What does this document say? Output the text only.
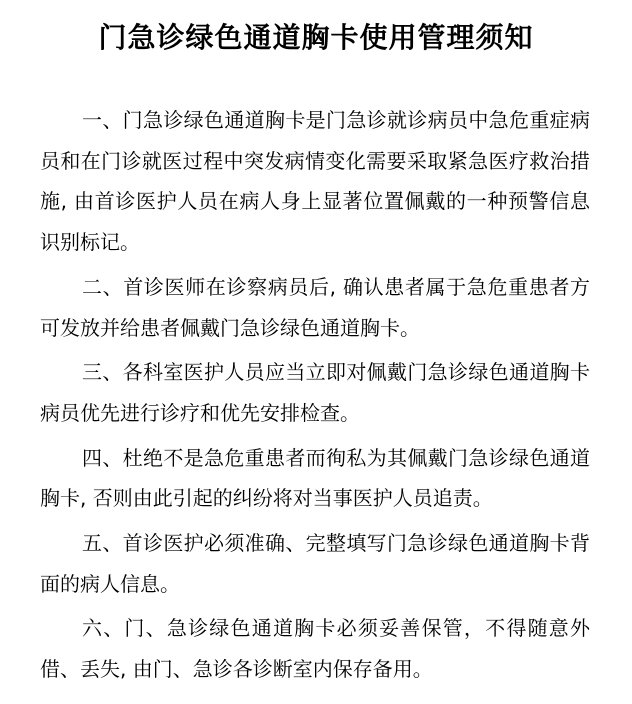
门急诊绿色通道胸卡使用管理须知

一、门急诊绿色通道胸卡是门急诊就诊病员中急危重症病员和在门诊就医过程中突发病情变化需要采取紧急医疗救治措施, 由首诊医护人员在病人身上显著位置佩戴的一种预警信息识别标记。

二、首诊医师在诊察病员后, 确认患者属于急危重患者方可发放并给患者佩戴门急诊绿色通道胸卡。

三、各科室医护人员应当立即对佩戴门急诊绿色通道胸卡病员优先进行诊疗和优先安排检查。

四、杜绝不是急危重患者而徇私为其佩戴门急诊绿色通道胸卡, 否则由此引起的纠纷将对当事医护人员追责。

五、首诊医护必须准确、完整填写门急诊绿色通道胸卡背面的病人信息。

六、门、急诊绿色通道胸卡必须妥善保管，不得随意外借、丢失, 由门、急诊各诊断室内保存备用。
